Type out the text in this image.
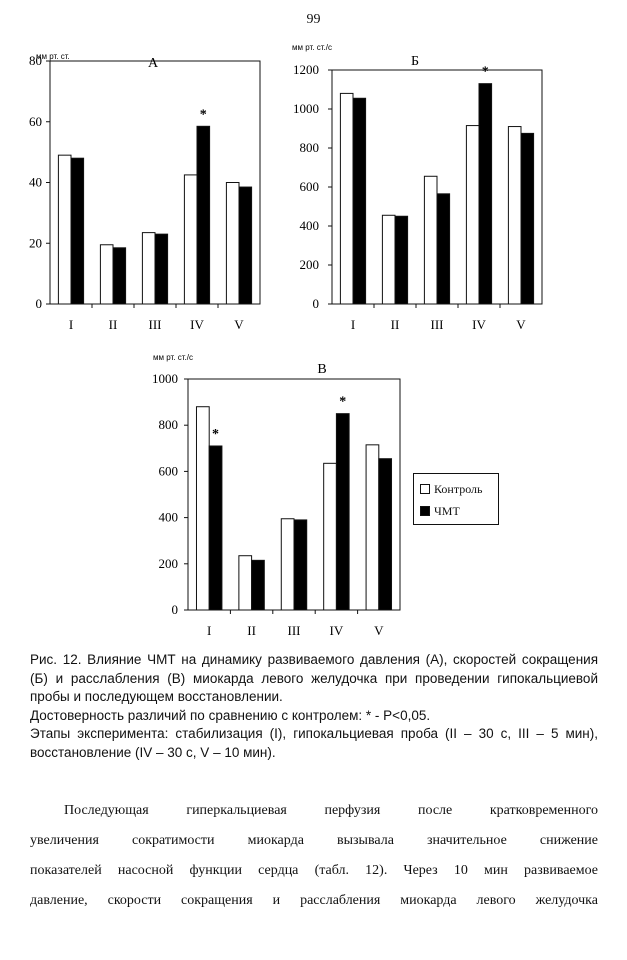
99
0
20
40
60
80
I	II III IV V
*
А
мм рт. ст.
0
200
400
600
800
1000
1200
I	II III IV V
*
Б
мм рт. ст./с
0
200
400
600
800
1000
I	II III IV V
*
*
В
мм рт. ст./с
Контроль
ЧМТ

Рис. 12. Влияние ЧМТ на динамику развиваемого давления (А), скоростей сокращения (Б) и расслабления (В) миокарда левого желудочка при проведении гипокальциевой пробы и последующем восстановлении.

Достоверность различий по сравнению с контролем: * - Р<0,05.

Этапы эксперимента: стабилизация (I), гипокальциевая проба (II – 30 с, III – 5 мин), восстановление (IV – 30 с, V – 10 мин).

Последующая гиперкальциевая перфузия после кратковременного
увеличения сократимости миокарда вызывала значительное снижение
показателей насосной функции сердца (табл. 12). Через 10 мин развиваемое
давление, скорости сокращения и расслабления миокарда левого желудочка
